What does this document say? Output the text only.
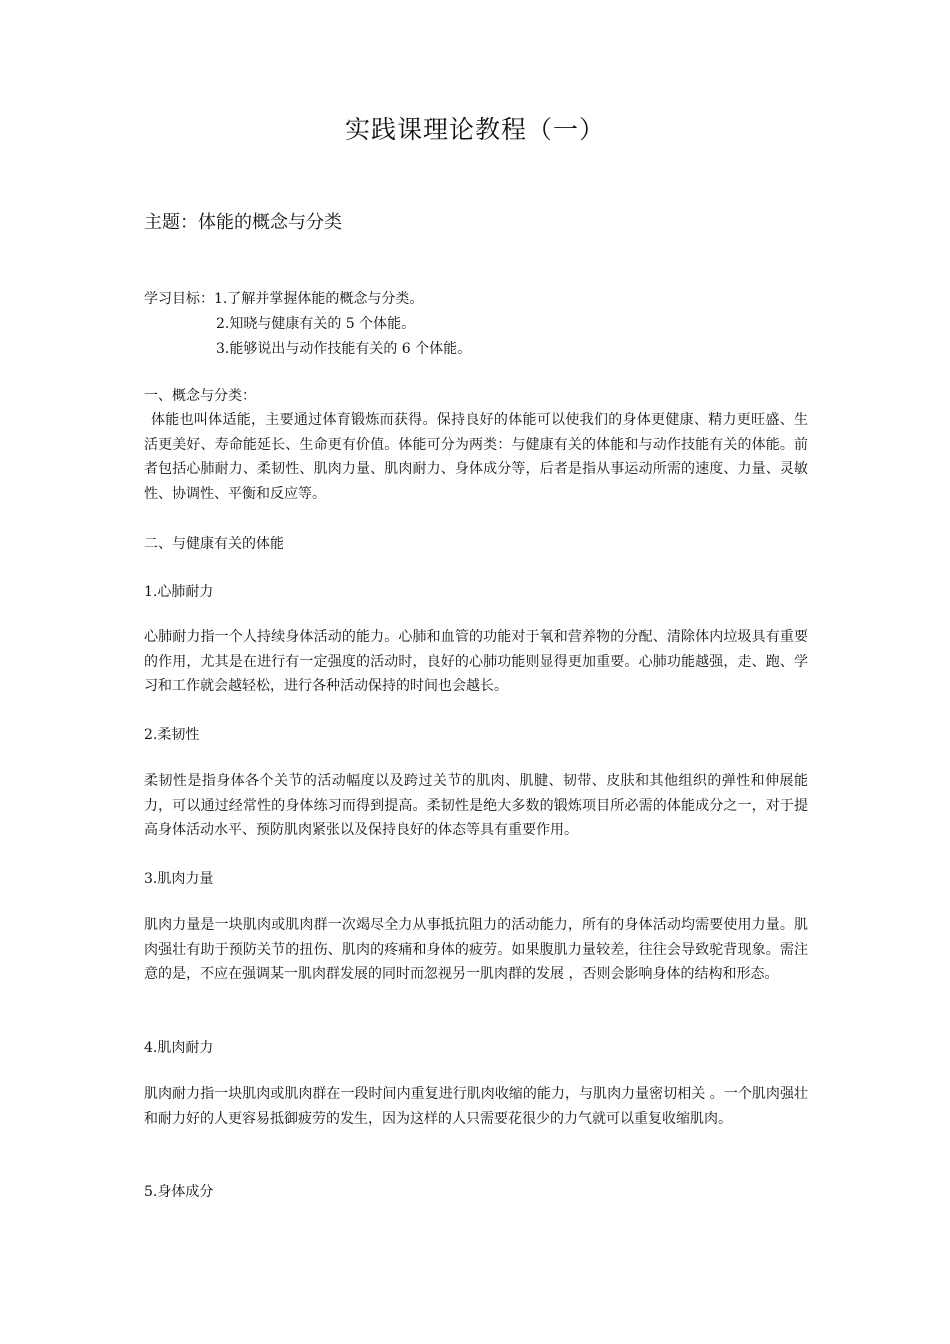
实践课理论教程（一）
主题：体能的概念与分类
学习目标：1.了解并掌握体能的概念与分类。
2.知晓与健康有关的 5 个体能。
3.能够说出与动作技能有关的 6 个体能。
一、概念与分类：
体能也叫体适能，主要通过体育锻炼而获得。保持良好的体能可以使我们的身体更健康、精力更旺盛、生活更美好、寿命能延长、生命更有价值。体能可分为两类：与健康有关的体能和与动作技能有关的体能。前者包括心肺耐力、柔韧性、肌肉力量、肌肉耐力、身体成分等，后者是指从事运动所需的速度、力量、灵敏性、协调性、平衡和反应等。
二、与健康有关的体能
1.心肺耐力
心肺耐力指一个人持续身体活动的能力。心肺和血管的功能对于氧和营养物的分配、清除体内垃圾具有重要的作用，尤其是在进行有一定强度的活动时，良好的心肺功能则显得更加重要。心肺功能越强，走、跑、学习和工作就会越轻松，进行各种活动保持的时间也会越长。
2.柔韧性
柔韧性是指身体各个关节的活动幅度以及跨过关节的肌肉、肌腱、韧带、皮肤和其他组织的弹性和伸展能力，可以通过经常性的身体练习而得到提高。柔韧性是绝大多数的锻炼项目所必需的体能成分之一，对于提高身体活动水平、预防肌肉紧张以及保持良好的体态等具有重要作用。
3.肌肉力量
肌肉力量是一块肌肉或肌肉群一次竭尽全力从事抵抗阻力的活动能力，所有的身体活动均需要使用力量。肌肉强壮有助于预防关节的扭伤、肌肉的疼痛和身体的疲劳。如果腹肌力量较差，往往会导致驼背现象。需注意的是，不应在强调某一肌肉群发展的同时而忽视另一肌肉群的发展 ，否则会影响身体的结构和形态。
4.肌肉耐力
肌肉耐力指一块肌肉或肌肉群在一段时间内重复进行肌肉收缩的能力，与肌肉力量密切相关 。一个肌肉强壮和耐力好的人更容易抵御疲劳的发生，因为这样的人只需要花很少的力气就可以重复收缩肌肉。
5.身体成分
